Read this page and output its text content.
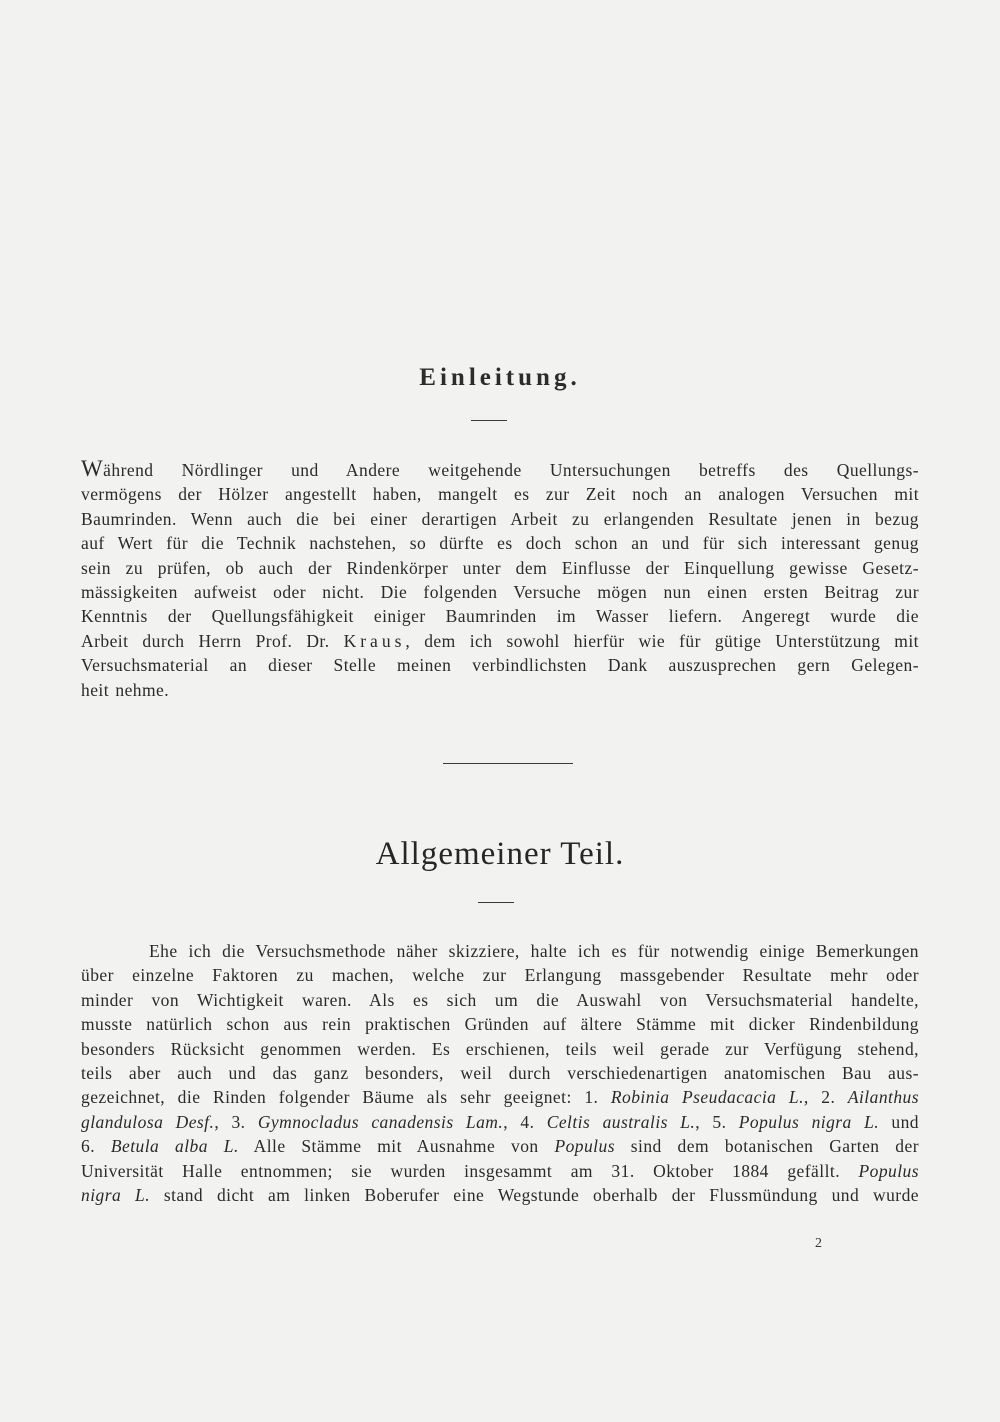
Einleitung.
Während Nördlinger und Andere weitgehende Untersuchungen betreffs des Quellungs-
vermögens der Hölzer angestellt haben, mangelt es zur Zeit noch an analogen Versuchen mit
Baumrinden. Wenn auch die bei einer derartigen Arbeit zu erlangenden Resultate jenen in bezug
auf Wert für die Technik nachstehen, so dürfte es doch schon an und für sich interessant genug
sein zu prüfen, ob auch der Rindenkörper unter dem Einflusse der Einquellung gewisse Gesetz-
mässigkeiten aufweist oder nicht. Die folgenden Versuche mögen nun einen ersten Beitrag zur
Kenntnis der Quellungsfähigkeit einiger Baumrinden im Wasser liefern. Angeregt wurde die
Arbeit durch Herrn Prof. Dr. Kraus, dem ich sowohl hierfür wie für gütige Unterstützung mit
Versuchsmaterial an dieser Stelle meinen verbindlichsten Dank auszusprechen gern Gelegen-
heit nehme.
Allgemeiner Teil.
Ehe ich die Versuchsmethode näher skizziere, halte ich es für notwendig einige Bemerkungen
über einzelne Faktoren zu machen, welche zur Erlangung massgebender Resultate mehr oder
minder von Wichtigkeit waren. Als es sich um die Auswahl von Versuchsmaterial handelte,
musste natürlich schon aus rein praktischen Gründen auf ältere Stämme mit dicker Rindenbildung
besonders Rücksicht genommen werden. Es erschienen, teils weil gerade zur Verfügung stehend,
teils aber auch und das ganz besonders, weil durch verschiedenartigen anatomischen Bau aus-
gezeichnet, die Rinden folgender Bäume als sehr geeignet: 1. Robinia Pseudacacia L., 2. Ailanthus
glandulosa Desf., 3. Gymnocladus canadensis Lam., 4. Celtis australis L., 5. Populus nigra L. und
6. Betula alba L. Alle Stämme mit Ausnahme von Populus sind dem botanischen Garten der
Universität Halle entnommen; sie wurden insgesammt am 31. Oktober 1884 gefällt. Populus
nigra L. stand dicht am linken Boberufer eine Wegstunde oberhalb der Flussmündung und wurde
2
